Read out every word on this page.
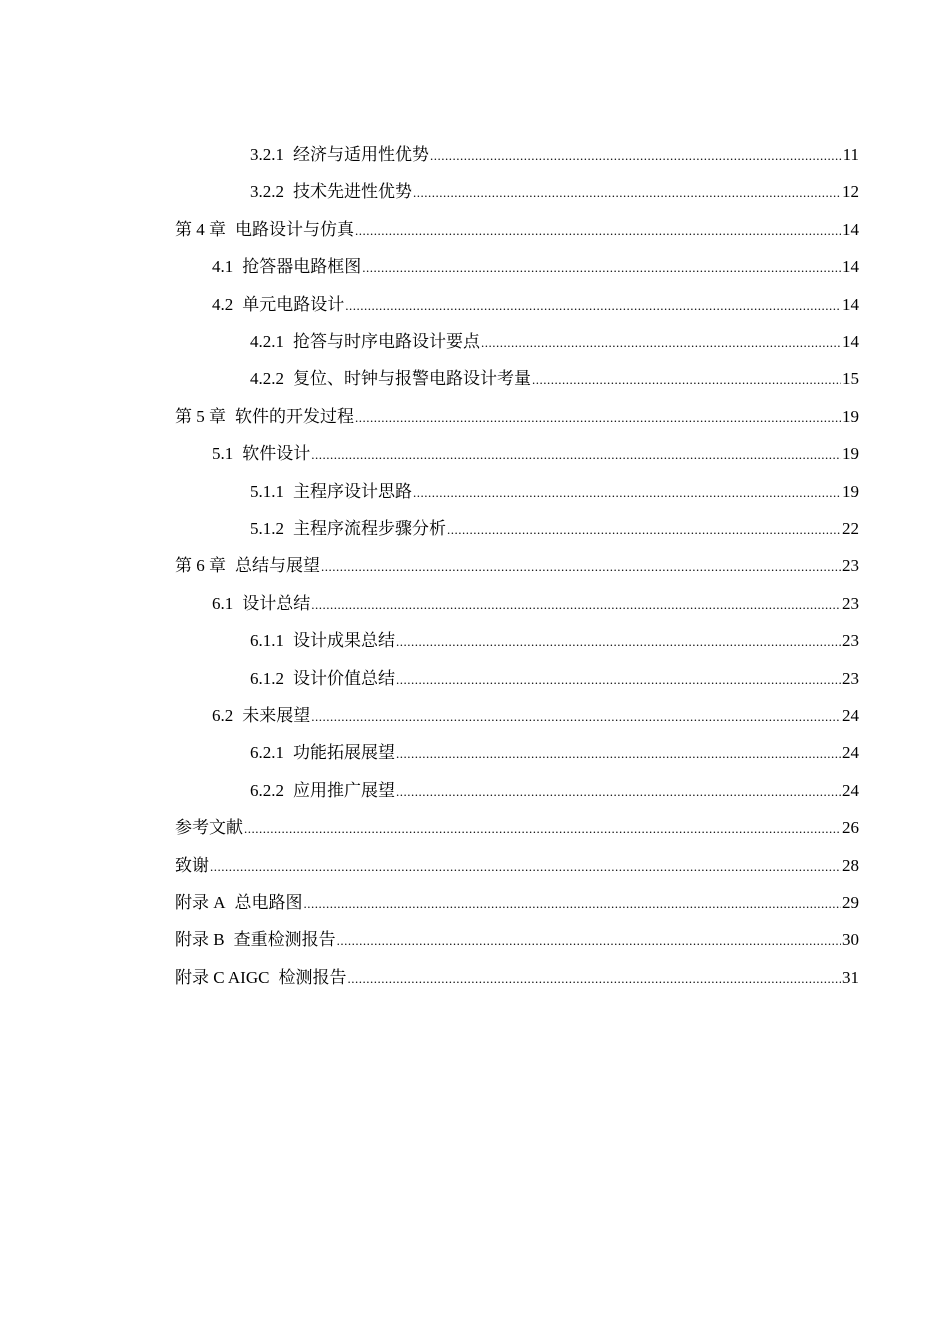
3.2.1 经济与适用性优势 .....	11
3.2.2 技术先进性优势 .....	12
第 4 章 电路设计与仿真 .....	14
4.1 抢答器电路框图 .....	14
4.2 单元电路设计 .....	14
4.2.1 抢答与时序电路设计要点 .....	14
4.2.2 复位、时钟与报警电路设计考量 .....	15
第 5 章 软件的开发过程 .....	19
5.1 软件设计 .....	19
5.1.1 主程序设计思路 .....	19
5.1.2 主程序流程步骤分析 .....	22
第 6 章 总结与展望 .....	23
6.1 设计总结 .....	23
6.1.1 设计成果总结 .....	23
6.1.2 设计价值总结 .....	23
6.2 未来展望 .....	24
6.2.1 功能拓展展望 .....	24
6.2.2 应用推广展望 .....	24
参考文献 .....	26
致谢 .....	28
附录 A 总电路图 .....	29
附录 B 查重检测报告 .....	30
附录 C AIGC 检测报告 .....	31
